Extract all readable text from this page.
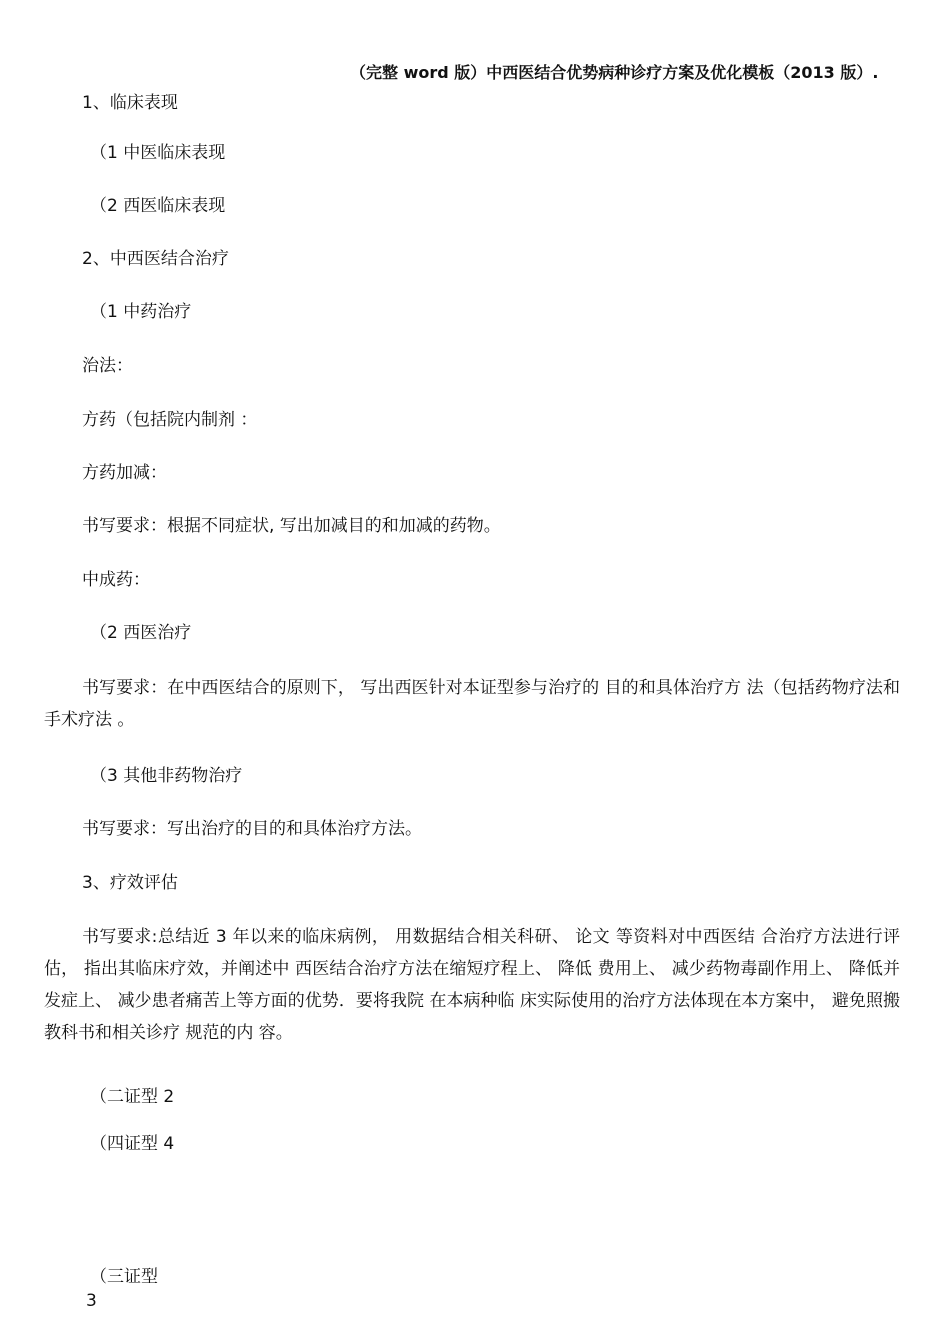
（完整 word 版）中西医结合优势病种诊疗方案及优化模板（2013 版）.
1、临床表现
（1 中医临床表现
（2 西医临床表现
2、中西医结合治疗
（1 中药治疗
治法：
方药（包括院内制剂 ：
方药加减：
书写要求：根据不同症状, 写出加减目的和加减的药物。
中成药：
（2 西医治疗
书写要求：在中西医结合的原则下， 写出西医针对本证型参与治疗的 目的和具体治疗方 法（包括药物疗法和手术疗法 。
（3 其他非药物治疗
书写要求：写出治疗的目的和具体治疗方法。
3、疗效评估
书写要求:总结近 3 年以来的临床病例， 用数据结合相关科研、 论文 等资料对中西医结 合治疗方法进行评估， 指出其临床疗效，并阐述中 西医结合治疗方法在缩短疗程上、 降低 费用上、 减少药物毒副作用上、 降低并发症上、 减少患者痛苦上等方面的优势．要将我院 在本病种临 床实际使用的治疗方法体现在本方案中， 避免照搬教科书和相关诊疗 规范的内 容。
（二证型 2
（四证型 4
（三证型
3
